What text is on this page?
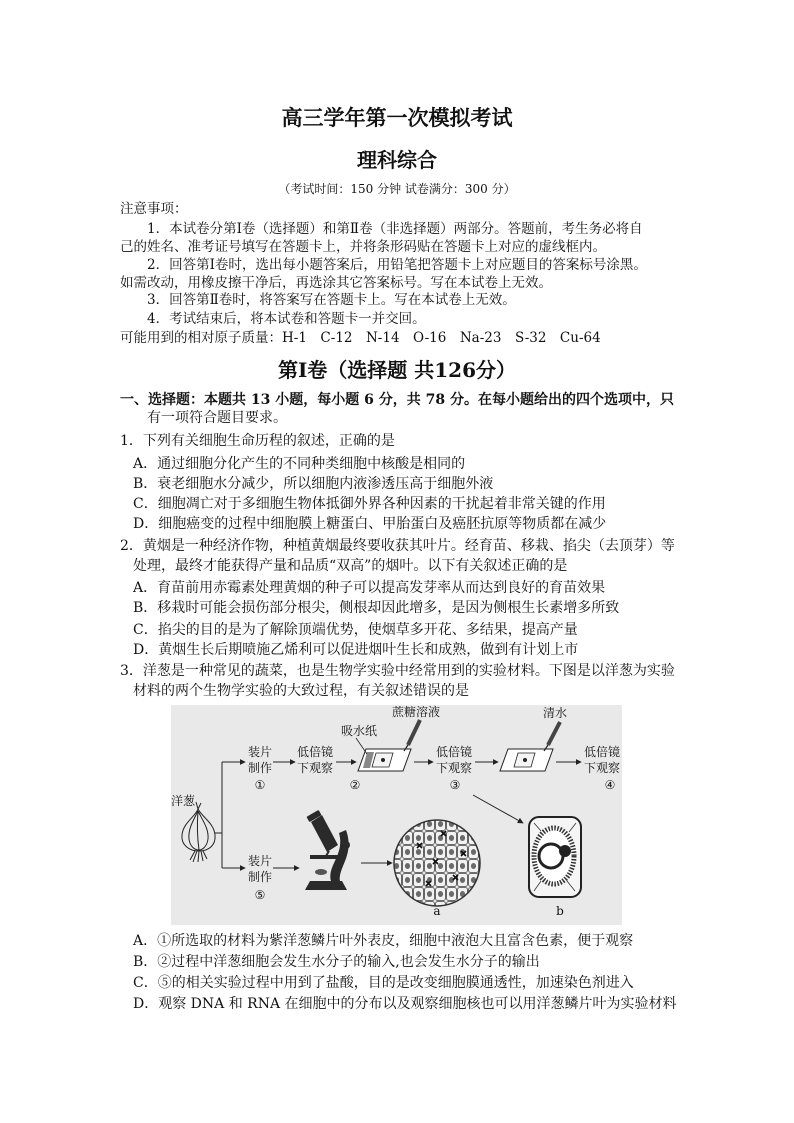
高三学年第一次模拟考试
理科综合
（考试时间：150 分钟 试卷满分：300 分）
注意事项：
1．本试卷分第Ⅰ卷（选择题）和第Ⅱ卷（非选择题）两部分。答题前，考生务必将自
己的姓名、准考证号填写在答题卡上，并将条形码贴在答题卡上对应的虚线框内。
2．回答第Ⅰ卷时，选出每小题答案后，用铅笔把答题卡上对应题目的答案标号涂黑。
如需改动，用橡皮擦干净后，再选涂其它答案标号。写在本试卷上无效。
3．回答第Ⅱ卷时，将答案写在答题卡上。写在本试卷上无效。
4．考试结束后，将本试卷和答题卡一并交回。
可能用到的相对原子质量：H-1　C-12　N-14　O-16　Na-23　S-32　Cu-64
第Ⅰ卷（选择题 共126分）
一、选择题：本题共 13 小题，每小题 6 分，共 78 分。在每小题给出的四个选项中，只
有一项符合题目要求。
1．下列有关细胞生命历程的叙述，正确的是
A．通过细胞分化产生的不同种类细胞中核酸是相同的
B．衰老细胞水分减少，所以细胞内液渗透压高于细胞外液
C．细胞凋亡对于多细胞生物体抵御外界各种因素的干扰起着非常关键的作用
D．细胞癌变的过程中细胞膜上糖蛋白、甲胎蛋白及癌胚抗原等物质都在减少
2．黄烟是一种经济作物，种植黄烟最终要收获其叶片。经育苗、移栽、掐尖（去顶芽）等
处理，最终才能获得产量和品质“双高”的烟叶。以下有关叙述正确的是
A．育苗前用赤霉素处理黄烟的种子可以提高发芽率从而达到良好的育苗效果
B．移栽时可能会损伤部分根尖，侧根却因此增多，是因为侧根生长素增多所致
C．掐尖的目的是为了解除顶端优势，使烟草多开花、多结果，提高产量
D．黄烟生长后期喷施乙烯利可以促进烟叶生长和成熟，做到有计划上市
3．洋葱是一种常见的蔬菜，也是生物学实验中经常用到的实验材料。下图是以洋葱为实验
材料的两个生物学实验的大致过程，有关叙述错误的是
洋葱
装片
制作
①
低倍镜
下观察
吸水纸
蔗糖溶液
②
低倍镜
下观察
③
清水
低倍镜
下观察
④
装片
制作
⑤
a	b
A．①所选取的材料为紫洋葱鳞片叶外表皮，细胞中液泡大且富含色素，便于观察
B．②过程中洋葱细胞会发生水分子的输入,也会发生水分子的输出
C．⑤的相关实验过程中用到了盐酸，目的是改变细胞膜通透性，加速染色剂进入
D．观察 DNA 和 RNA 在细胞中的分布以及观察细胞核也可以用洋葱鳞片叶为实验材料
